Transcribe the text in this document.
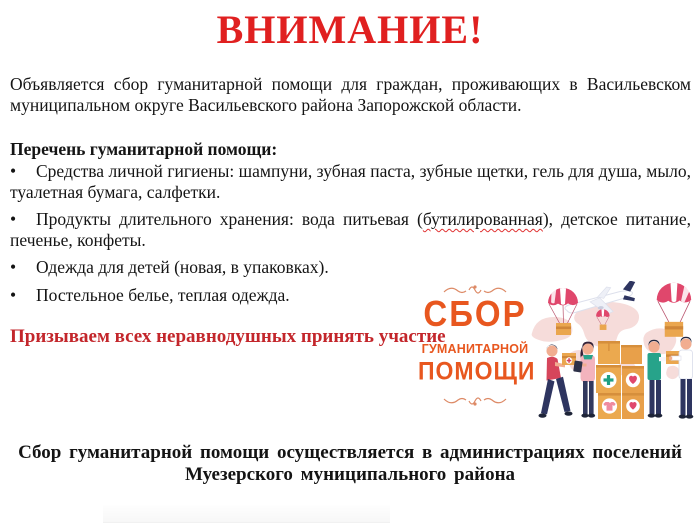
ВНИМАНИЕ!
Объявляется сбор гуманитарной помощи для граждан, проживающих в Васильевском муниципальном округе Васильевского района Запорожской области.
Перечень гуманитарной помощи:

• Средства личной гигиены: шампуни, зубная паста, зубные щетки, гель для душа, мыло, туалетная бумага, салфетки.

• Продукты длительного хранения: вода питьевая (бутилированная), детское питание, печенье, конфеты.

• Одежда для детей (новая, в упаковках).

• Постельное белье, теплая одежда.

Призываем всех неравнодушных принять участие
СБОР
ГУМАНИТАРНОЙ
ПОМОЩИ
Сбор гуманитарной помощи осуществляется в администрациях поселений
Муезерского муниципального района
